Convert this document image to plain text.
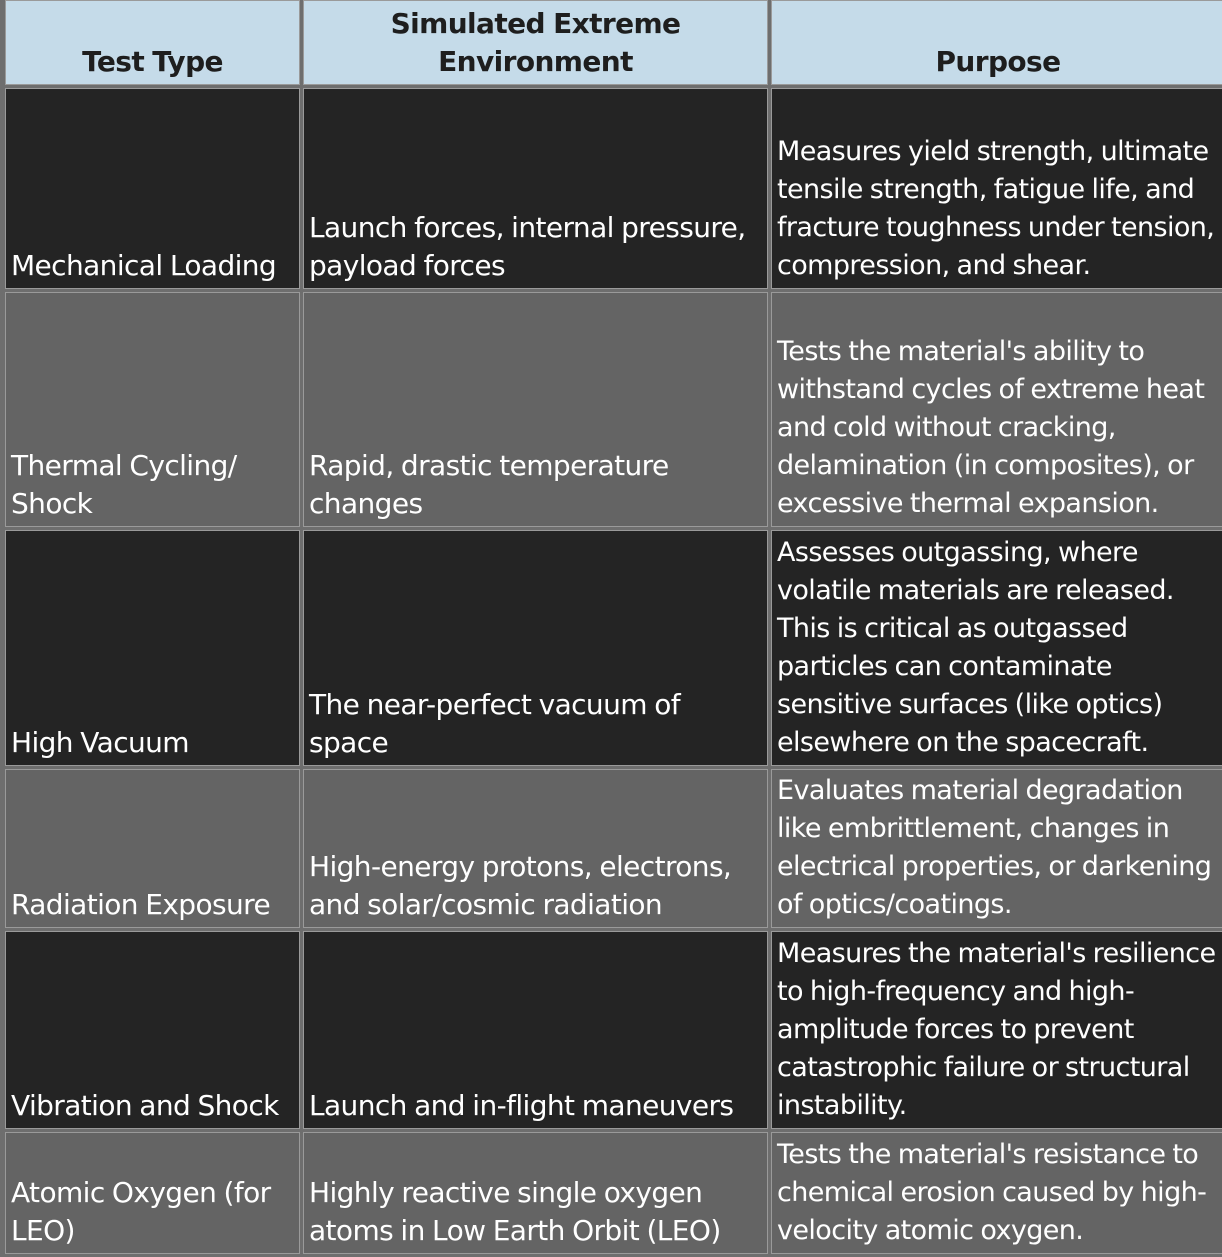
Test Type	Simulated Extreme Environment	Purpose
Mechanical Loading	Launch forces, internal pressure, payload forces	Measures yield strength, ultimate tensile strength, fatigue life, and fracture toughness under tension, compression, and shear.
Thermal Cycling/ Shock	Rapid, drastic temperature changes	Tests the material's ability to withstand cycles of extreme heat and cold without cracking, delamination (in composites), or excessive thermal expansion.
High Vacuum	The near-perfect vacuum of space	Assesses outgassing, where volatile materials are released. This is critical as outgassed particles can contaminate sensitive surfaces (like optics) elsewhere on the spacecraft.
Radiation Exposure	High-energy protons, electrons, and solar/cosmic radiation	Evaluates material degradation like embrittlement, changes in electrical properties, or darkening of optics/coatings.
Vibration and Shock	Launch and in-flight maneuvers	Measures the material's resilience to high-frequency and high-amplitude forces to prevent catastrophic failure or structural instability.
Atomic Oxygen (for LEO)	Highly reactive single oxygen atoms in Low Earth Orbit (LEO)	Tests the material's resistance to chemical erosion caused by high-velocity atomic oxygen.
